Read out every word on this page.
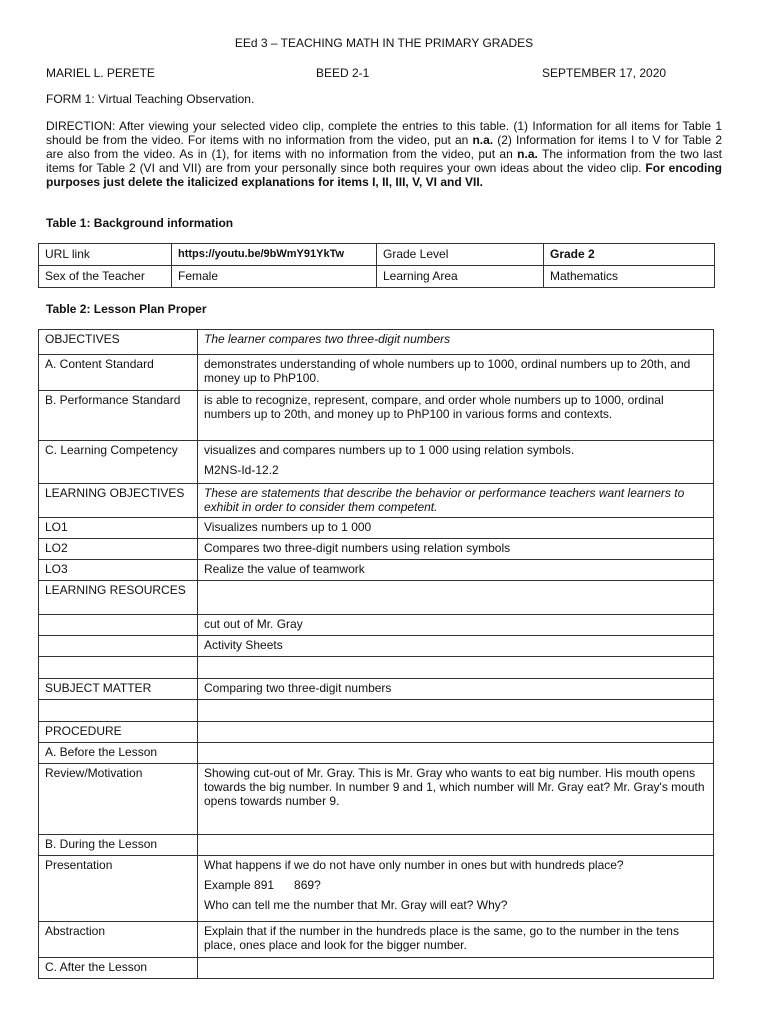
EEd 3 – TEACHING MATH IN THE PRIMARY GRADES
MARIEL L. PERETE	BEED 2-1	SEPTEMBER 17, 2020
FORM 1: Virtual Teaching Observation.
DIRECTION: After viewing your selected video clip, complete the entries to this table. (1) Information for all items for Table 1 should be from the video. For items with no information from the video, put an n.a. (2) Information for items I to V for Table 2 are also from the video. As in (1), for items with no information from the video, put an n.a. The information from the two last items for Table 2 (VI and VII) are from your personally since both requires your own ideas about the video clip. For encoding purposes just delete the italicized explanations for items I, II, III, V, VI and VII.
Table 1: Background information
URL link	https://youtu.be/9bWmY91YkTw	Grade Level	Grade 2
Sex of the Teacher	Female	Learning Area	Mathematics
Table 2: Lesson Plan Proper
OBJECTIVES	The learner compares two three-digit numbers
A. Content Standard	demonstrates understanding of whole numbers up to 1000, ordinal numbers up to 20th, and money up to PhP100.
B. Performance Standard	is able to recognize, represent, compare, and order whole numbers up to 1000, ordinal numbers up to 20th, and money up to PhP100 in various forms and contexts.
C. Learning Competency	visualizes and compares numbers up to 1 000 using relation symbols.
M2NS-Id-12.2

LEARNING OBJECTIVES	These are statements that describe the behavior or performance teachers want learners to exhibit in order to consider them competent.
LO1	Visualizes numbers up to 1 000
LO2	Compares two three-digit numbers using relation symbols
LO3	Realize the value of teamwork
LEARNING RESOURCES	
	cut out of Mr. Gray
	Activity Sheets

SUBJECT MATTER	Comparing two three-digit numbers

PROCEDURE	
A. Before the Lesson	
Review/Motivation	Showing cut-out of Mr. Gray. This is Mr. Gray who wants to eat big number. His mouth opens towards the big number. In number 9 and 1, which number will Mr. Gray eat? Mr. Gray's mouth opens towards number 9.
B. During the Lesson	
Presentation	What happens if we do not have only number in ones but with hundreds place?
Example 891      869?
Who can tell me the number that Mr. Gray will eat? Why?

Abstraction	Explain that if the number in the hundreds place is the same, go to the number in the tens place, ones place and look for the bigger number.
C. After the Lesson	
